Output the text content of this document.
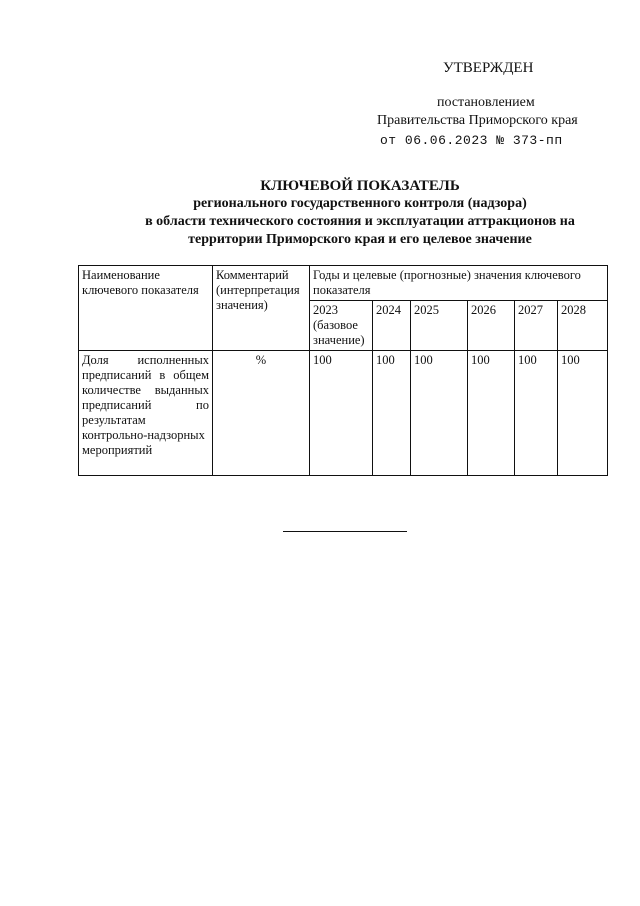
УТВЕРЖДЕН
постановлением
Правительства Приморского края
от 06.06.2023 № 373-пп
КЛЮЧЕВОЙ ПОКАЗАТЕЛЬ
регионального государственного контроля (надзора)
в области технического состояния и эксплуатации аттракционов на
территории Приморского края и его целевое значение
Наименование ключевого показателя	Комментарий (интерпретация значения)	Годы и целевые (прогнозные) значения ключевого показателя					
		2023 (базовое значение)	2024	2025	2026	2027	2028
Доля исполненных предписаний в общем количестве выданных предписаний по результатам контрольно-надзорных мероприятий	%	100	100	100	100	100	100
